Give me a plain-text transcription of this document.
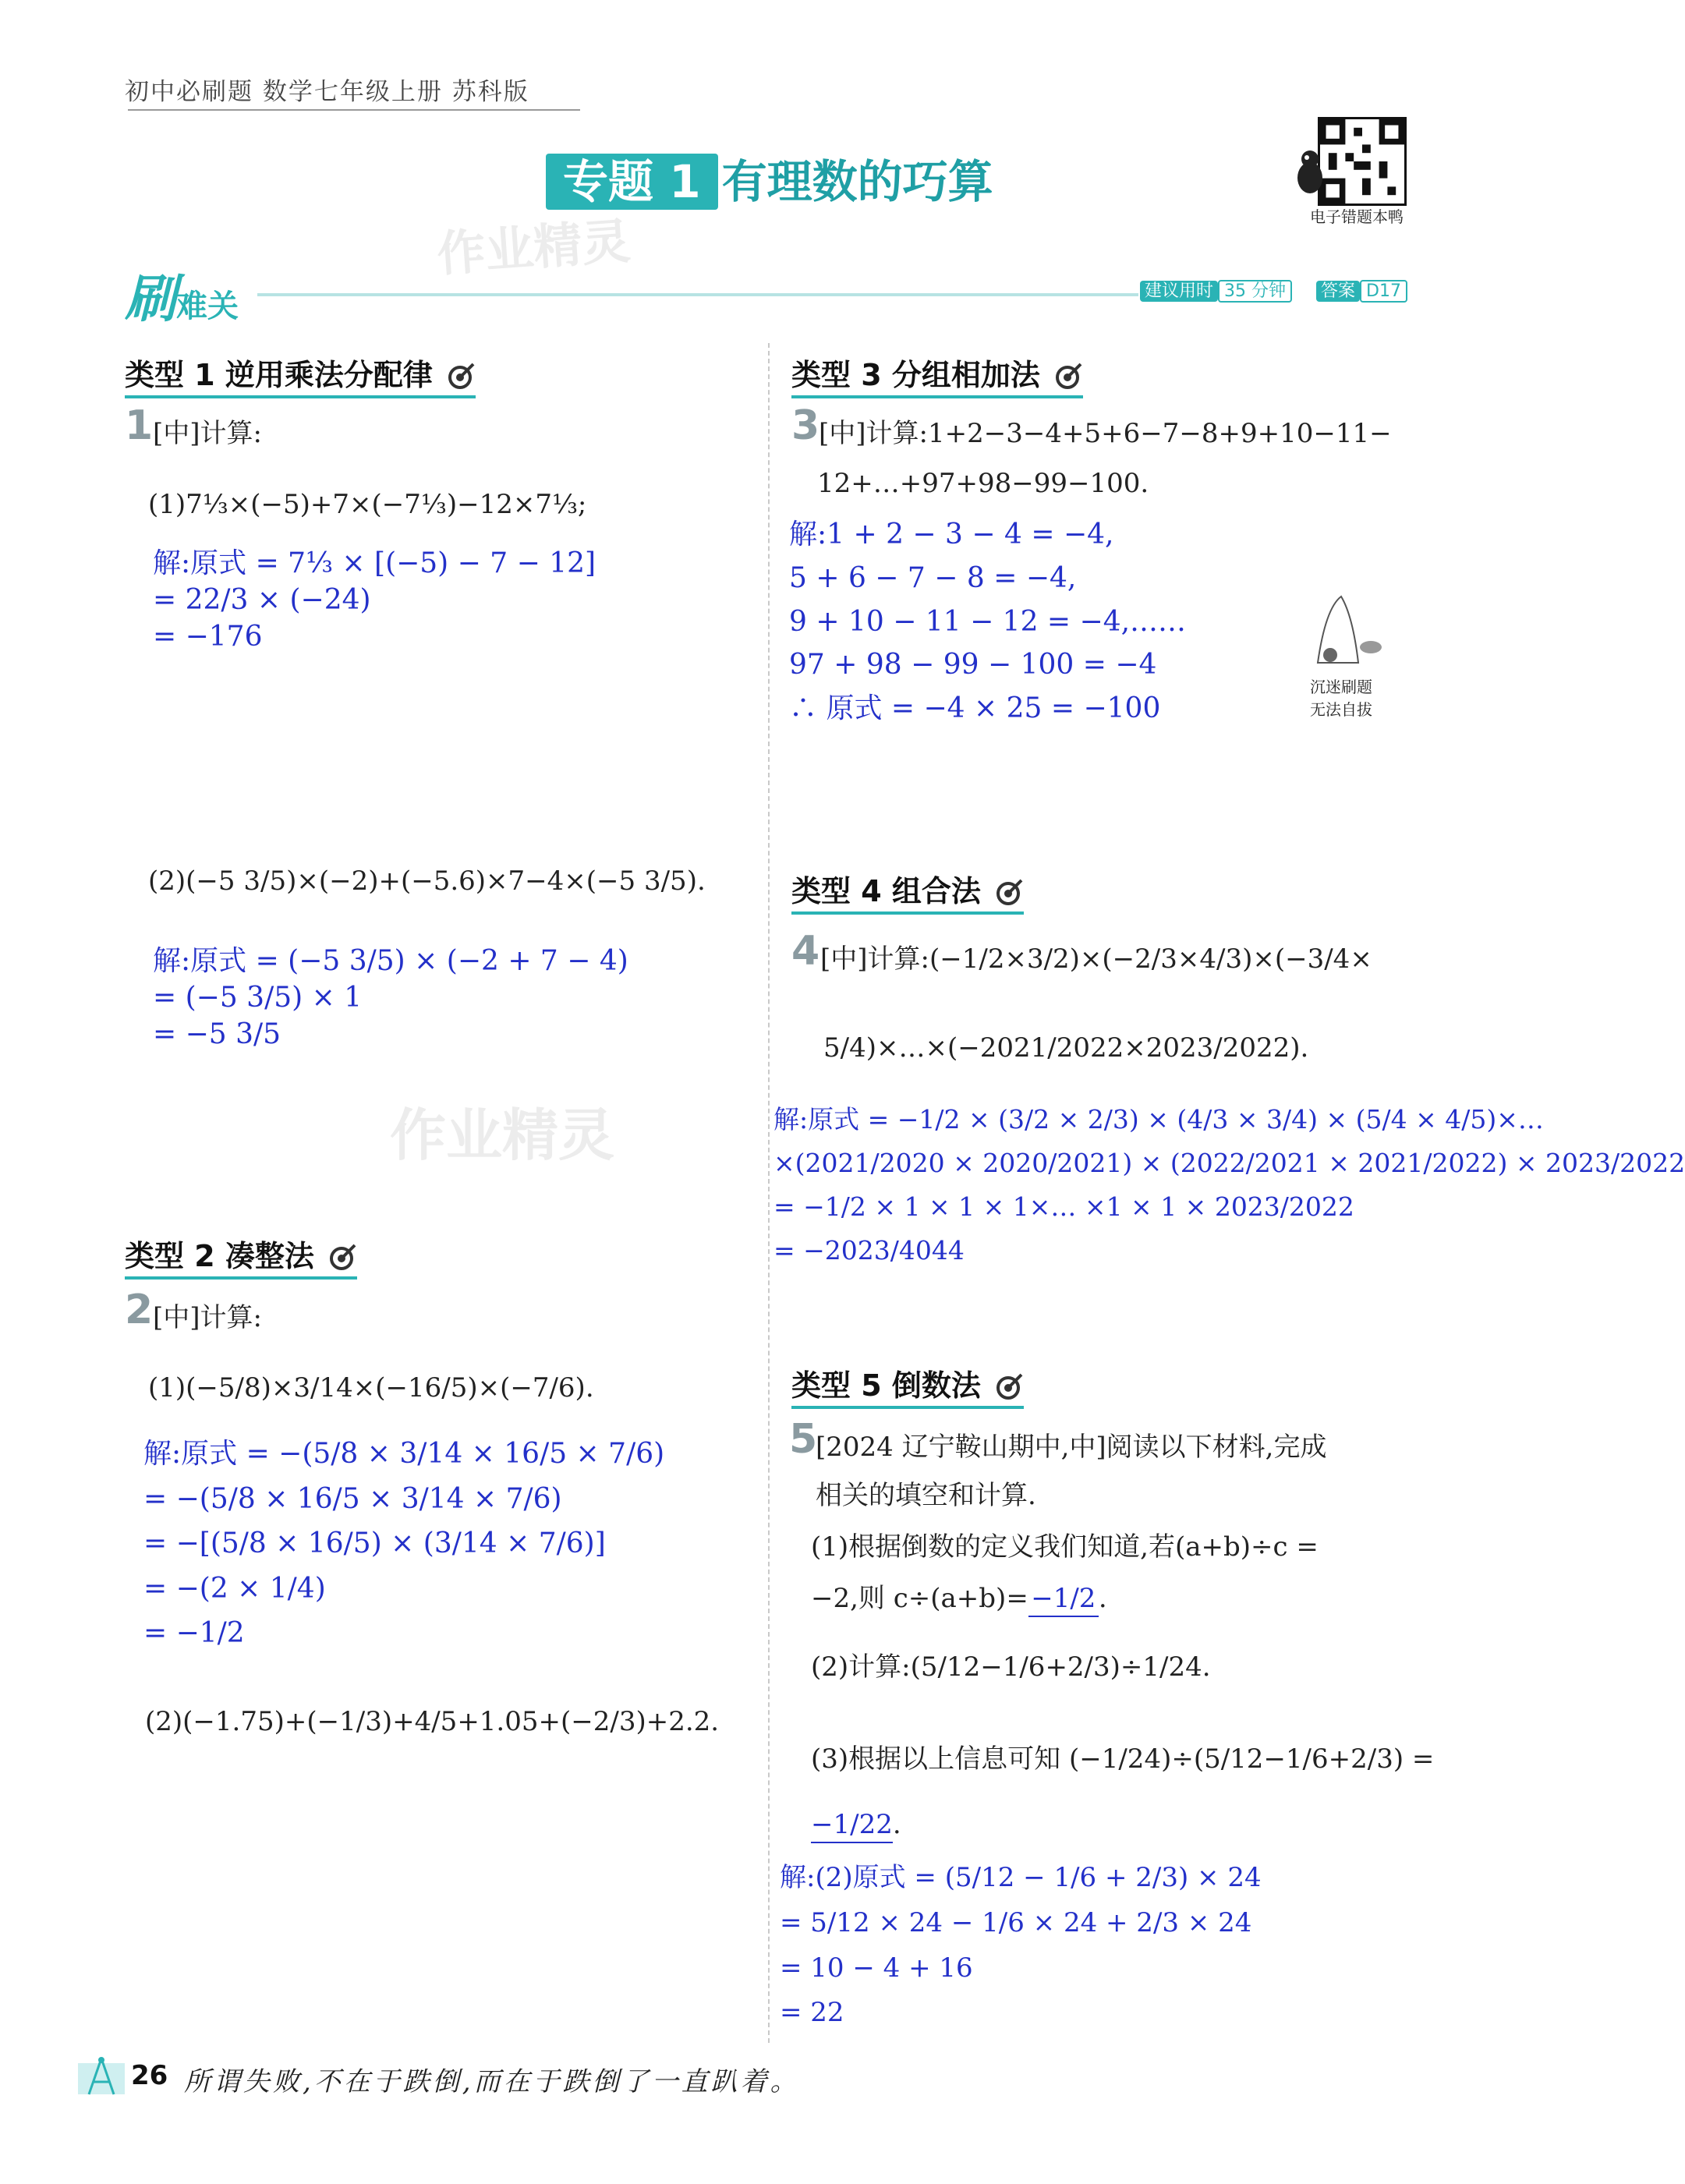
初中必刷题 数学七年级上册 苏科版
电子错题本鸭
专题 1 有理数的巧算
作业精灵
刷难关	建议用时 35 分钟	答案 D17
类型 1 逆用乘法分配律
1 [中]计算:
(1)7⅓×(−5)+7×(−7⅓)−12×7⅓;
解:原式 = 7⅓ × [(−5) − 7 − 12]
= 22/3 × (−24)
= −176
(2)(−5 3/5)×(−2)+(−5.6)×7−4×(−5 3/5).
解:原式 = (−5 3/5) × (−2 + 7 − 4)
= (−5 3/5) × 1
= −5 3/5
作业精灵
类型 2 凑整法
2 [中]计算:
(1)(−5/8)×3/14×(−16/5)×(−7/6).
解:原式 = −(5/8 × 3/14 × 16/5 × 7/6)
= −(5/8 × 16/5 × 3/14 × 7/6)
= −[(5/8 × 16/5) × (3/14 × 7/6)]
= −(2 × 1/4)
= −1/2
(2)(−1.75)+(−1/3)+4/5+1.05+(−2/3)+2.2.
类型 3 分组相加法
3
[中]计算:1+2−3−4+5+6−7−8+9+10−11−
12+…+97+98−99−100.
解:1 + 2 − 3 − 4 = −4,
5 + 6 − 7 − 8 = −4,
9 + 10 − 11 − 12 = −4,……
97 + 98 − 99 − 100 = −4
∴ 原式 = −4 × 25 = −100
沉迷刷题
无法自拔
类型 4 组合法
4 [中]计算:(−1/2×3/2)×(−2/3×4/3)×(−3/4×
5/4)×…×(−2021/2022×2023/2022).
解:原式 = −1/2 × (3/2 × 2/3) × (4/3 × 3/4) × (5/4 × 4/5)×…
×(2021/2020 × 2020/2021) × (2022/2021 × 2021/2022) × 2023/2022
= −1/2 × 1 × 1 × 1×… ×1 × 1 × 2023/2022
= −2023/4044
类型 5 倒数法
5
[2024 辽宁鞍山期中,中]阅读以下材料,完成
相关的填空和计算.
(1)根据倒数的定义我们知道,若(a+b)÷c =
−2,则 c÷(a+b)=−1/2.
(2)计算:(5/12−1/6+2/3)÷1/24.
(3)根据以上信息可知 (−1/24)÷(5/12−1/6+2/3) =
−1/22.
解:(2)原式 = (5/12 − 1/6 + 2/3) × 24
= 5/12 × 24 − 1/6 × 24 + 2/3 × 24
= 10 − 4 + 16
= 22
26 所谓失败,不在于跌倒,而在于跌倒了一直趴着。
